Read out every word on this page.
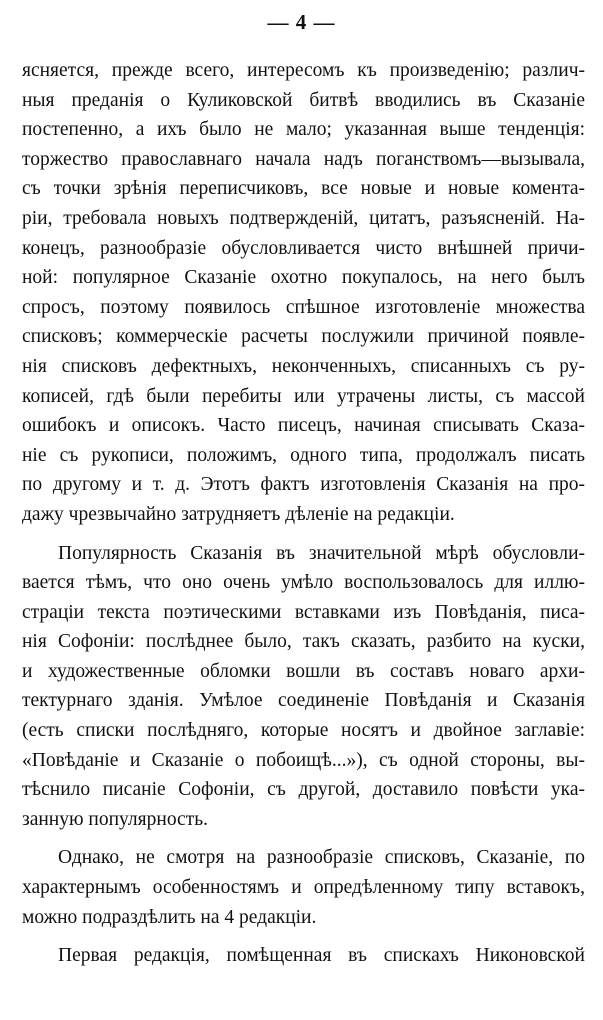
— 4 —
ясняется, прежде всего, интересомъ къ произведенію; различ-
ныя преданія о Куликовской битвѣ вводились въ Сказаніе
постепенно, а ихъ было не мало; указанная выше тенденція:
торжество православнаго начала надъ поганствомъ—вызывала,
съ точки зрѣнія переписчиковъ, все новые и новые коментa-
ріи, требовала новыхъ подтвержденій, цитатъ, разъясненій. На-
конецъ, разнообразіе обусловливается чисто внѣшней причи-
ной: популярное Сказаніе охотно покупалось, на него былъ
спросъ, поэтому появилось спѣшное изготовленіе множества
списковъ; коммерческіе расчеты послужили причиной появле-
нія списковъ дефектныхъ, неконченныхъ, списанныхъ съ ру-
кописей, гдѣ были перебиты или утрачены листы, съ массой
ошибокъ и описокъ. Часто писецъ, начиная списывать Сказа-
ніе съ рукописи, положимъ, одного типа, продолжалъ писать
по другому и т. д. Этотъ фактъ изготовленія Сказанія на про-
дажу чрезвычайно затрудняетъ дѣленіе на редакціи.
Популярность Сказанія въ значительной мѣрѣ обусловли-
вается тѣмъ, что оно очень умѣло воспользовалось для иллю-
страціи текста поэтическими вставками изъ Повѣданія, писа-
нія Софоніи: послѣднее было, такъ сказать, разбито на куски,
и художественные обломки вошли въ составъ новаго архи-
тектурнаго зданія. Умѣлое соединеніе Повѣданія и Сказанія
(есть списки послѣдняго, которые носятъ и двойное заглавіе:
«Повѣданіе и Сказаніе о побоищѣ...»), съ одной стороны, вы-
тѣснило писаніе Софоніи, съ другой, доставило повѣсти ука-
занную популярность.
Однако, не смотря на разнообразіе списковъ, Сказаніе, по
характернымъ особенностямъ и опредѣленному типу вставокъ,
можно подраздѣлить на 4 редакціи.
Первая редакція, помѣщенная въ спискахъ Никоновской
